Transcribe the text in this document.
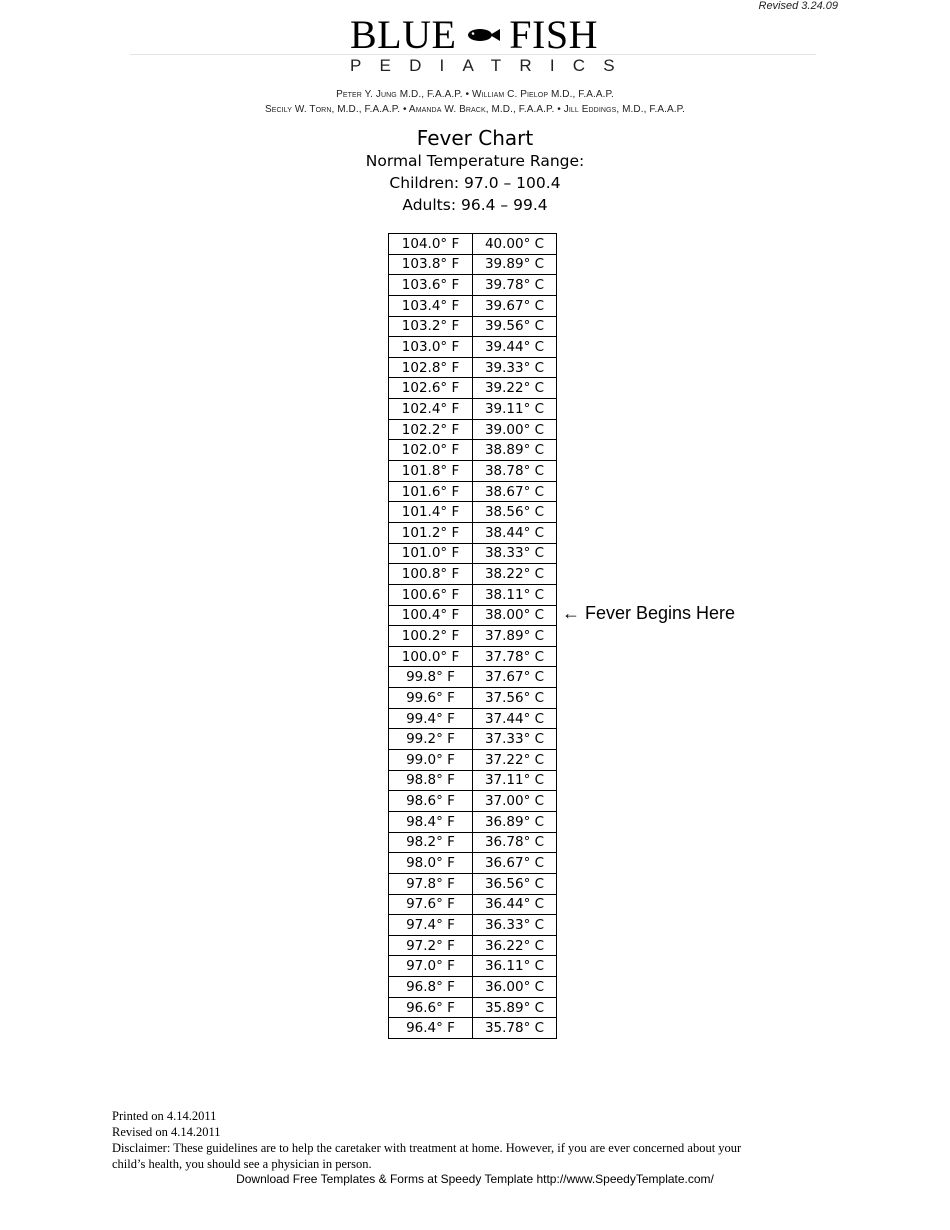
Revised 3.24.09
BLUE FISH
PEDIATRICS
Peter Y. Jung M.D., F.A.A.P. • William C. Pielop M.D., F.A.A.P.
Secily W. Torn, M.D., F.A.A.P. • Amanda W. Brack, M.D., F.A.A.P. • Jill Eddings, M.D., F.A.A.P.
Fever Chart
Normal Temperature Range:
Children: 97.0 – 100.4
Adults: 96.4 – 99.4
104.0° F	40.00° C
103.8° F	39.89° C
103.6° F	39.78° C
103.4° F	39.67° C
103.2° F	39.56° C
103.0° F	39.44° C
102.8° F	39.33° C
102.6° F	39.22° C
102.4° F	39.11° C
102.2° F	39.00° C
102.0° F	38.89° C
101.8° F	38.78° C
101.6° F	38.67° C
101.4° F	38.56° C
101.2° F	38.44° C
101.0° F	38.33° C
100.8° F	38.22° C
100.6° F	38.11° C
100.4° F	38.00° C
100.2° F	37.89° C
100.0° F	37.78° C
99.8° F	37.67° C
99.6° F	37.56° C
99.4° F	37.44° C
99.2° F	37.33° C
99.0° F	37.22° C
98.8° F	37.11° C
98.6° F	37.00° C
98.4° F	36.89° C
98.2° F	36.78° C
98.0° F	36.67° C
97.8° F	36.56° C
97.6° F	36.44° C
97.4° F	36.33° C
97.2° F	36.22° C
97.0° F	36.11° C
96.8° F	36.00° C
96.6° F	35.89° C
96.4° F	35.78° C
← Fever Begins Here
Printed on 4.14.2011
Revised on 4.14.2011
Disclaimer: These guidelines are to help the caretaker with treatment at home. However, if you are ever concerned about your
child’s health, you should see a physician in person.
Download Free Templates & Forms at Speedy Template http://www.SpeedyTemplate.com/
